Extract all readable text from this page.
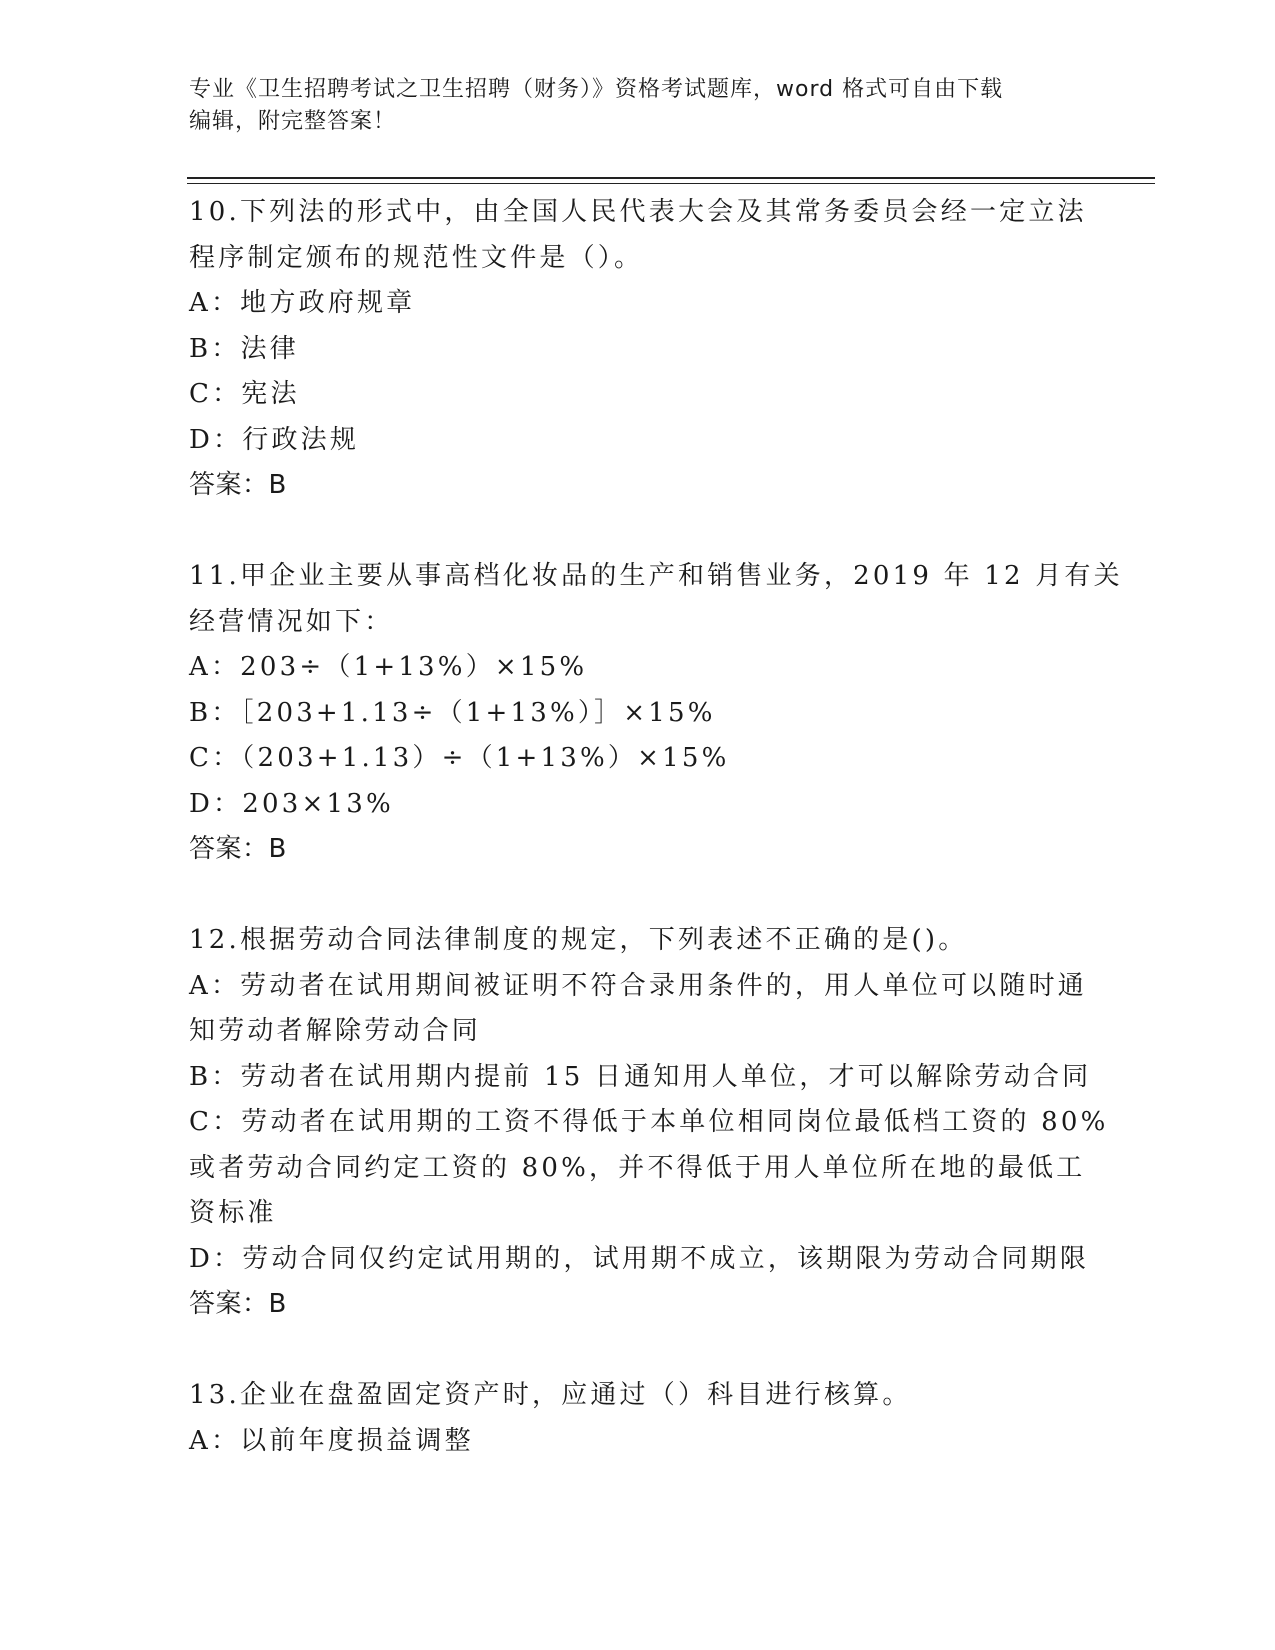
专业《卫生招聘考试之卫生招聘（财务）》资格考试题库，word 格式可自由下载
编辑，附完整答案！
10.下列法的形式中，由全国人民代表大会及其常务委员会经一定立法
程序制定颁布的规范性文件是（）。
A：地方政府规章
B：法律
C：宪法
D：行政法规
答案：B
11.甲企业主要从事高档化妆品的生产和销售业务，2019 年 12 月有关
经营情况如下：
A：203÷（1+13%）×15%
B：［203+1.13÷（1+13%）］×15%
C：（203+1.13）÷（1+13%）×15%
D：203×13%
答案：B
12.根据劳动合同法律制度的规定，下列表述不正确的是()。
A：劳动者在试用期间被证明不符合录用条件的，用人单位可以随时通
知劳动者解除劳动合同
B：劳动者在试用期内提前 15 日通知用人单位，才可以解除劳动合同
C：劳动者在试用期的工资不得低于本单位相同岗位最低档工资的 80%
或者劳动合同约定工资的 80%，并不得低于用人单位所在地的最低工
资标准
D：劳动合同仅约定试用期的，试用期不成立，该期限为劳动合同期限
答案：B
13.企业在盘盈固定资产时，应通过（）科目进行核算。
A：以前年度损益调整
